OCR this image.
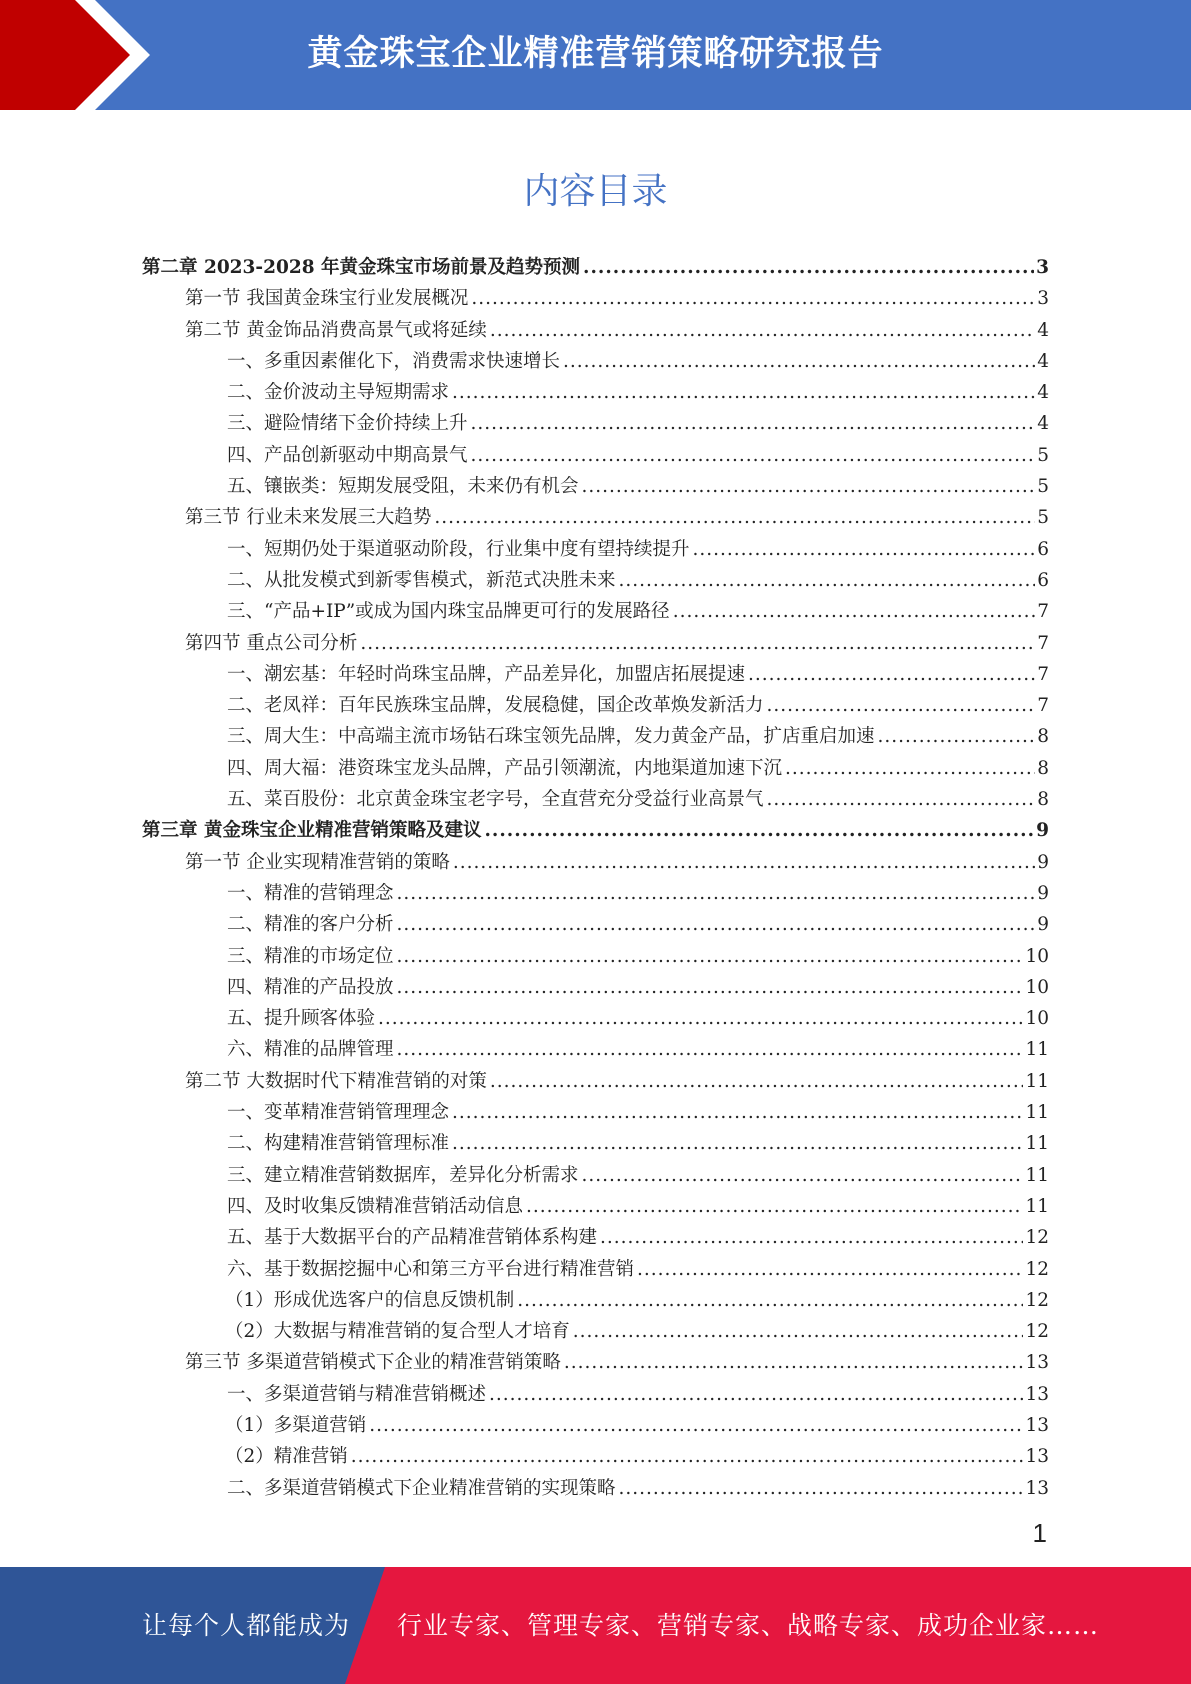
黄金珠宝企业精准营销策略研究报告
内容目录
第二章 2023-2028 年黄金珠宝市场前景及趋势预测 .....	3
第一节 我国黄金珠宝行业发展概况 .....	3
第二节 黄金饰品消费高景气或将延续 .....	4
一、多重因素催化下，消费需求快速增长 .....	4
二、金价波动主导短期需求 .....	4
三、避险情绪下金价持续上升 .....	4
四、产品创新驱动中期高景气 .....	5
五、镶嵌类：短期发展受阻，未来仍有机会 .....	5
第三节 行业未来发展三大趋势 .....	5
一、短期仍处于渠道驱动阶段，行业集中度有望持续提升 .....	6
二、从批发模式到新零售模式，新范式决胜未来 .....	6
三、“产品+IP”或成为国内珠宝品牌更可行的发展路径 .....	7
第四节 重点公司分析 .....	7
一、潮宏基：年轻时尚珠宝品牌，产品差异化，加盟店拓展提速 .....	7
二、老凤祥：百年民族珠宝品牌，发展稳健，国企改革焕发新活力 .....	7
三、周大生：中高端主流市场钻石珠宝领先品牌，发力黄金产品，扩店重启加速 .....	8
四、周大福：港资珠宝龙头品牌，产品引领潮流，内地渠道加速下沉 .....	8
五、菜百股份：北京黄金珠宝老字号，全直营充分受益行业高景气 .....	8
第三章 黄金珠宝企业精准营销策略及建议 .....	9
第一节 企业实现精准营销的策略 .....	9
一、精准的营销理念 .....	9
二、精准的客户分析 .....	9
三、精准的市场定位 .....	10
四、精准的产品投放 .....	10
五、提升顾客体验 .....	10
六、精准的品牌管理 .....	11
第二节 大数据时代下精准营销的对策 .....	11
一、变革精准营销管理理念 .....	11
二、构建精准营销管理标准 .....	11
三、建立精准营销数据库，差异化分析需求 .....	11
四、及时收集反馈精准营销活动信息 .....	11
五、基于大数据平台的产品精准营销体系构建 .....	12
六、基于数据挖掘中心和第三方平台进行精准营销 .....	12
（1）形成优选客户的信息反馈机制 .....	12
（2）大数据与精准营销的复合型人才培育 .....	12
第三节 多渠道营销模式下企业的精准营销策略 .....	13
一、多渠道营销与精准营销概述 .....	13
（1）多渠道营销 .....	13
（2）精准营销 .....	13
二、多渠道营销模式下企业精准营销的实现策略 .....	13
1
让每个人都能成为 行业专家、管理专家、营销专家、战略专家、成功企业家……
